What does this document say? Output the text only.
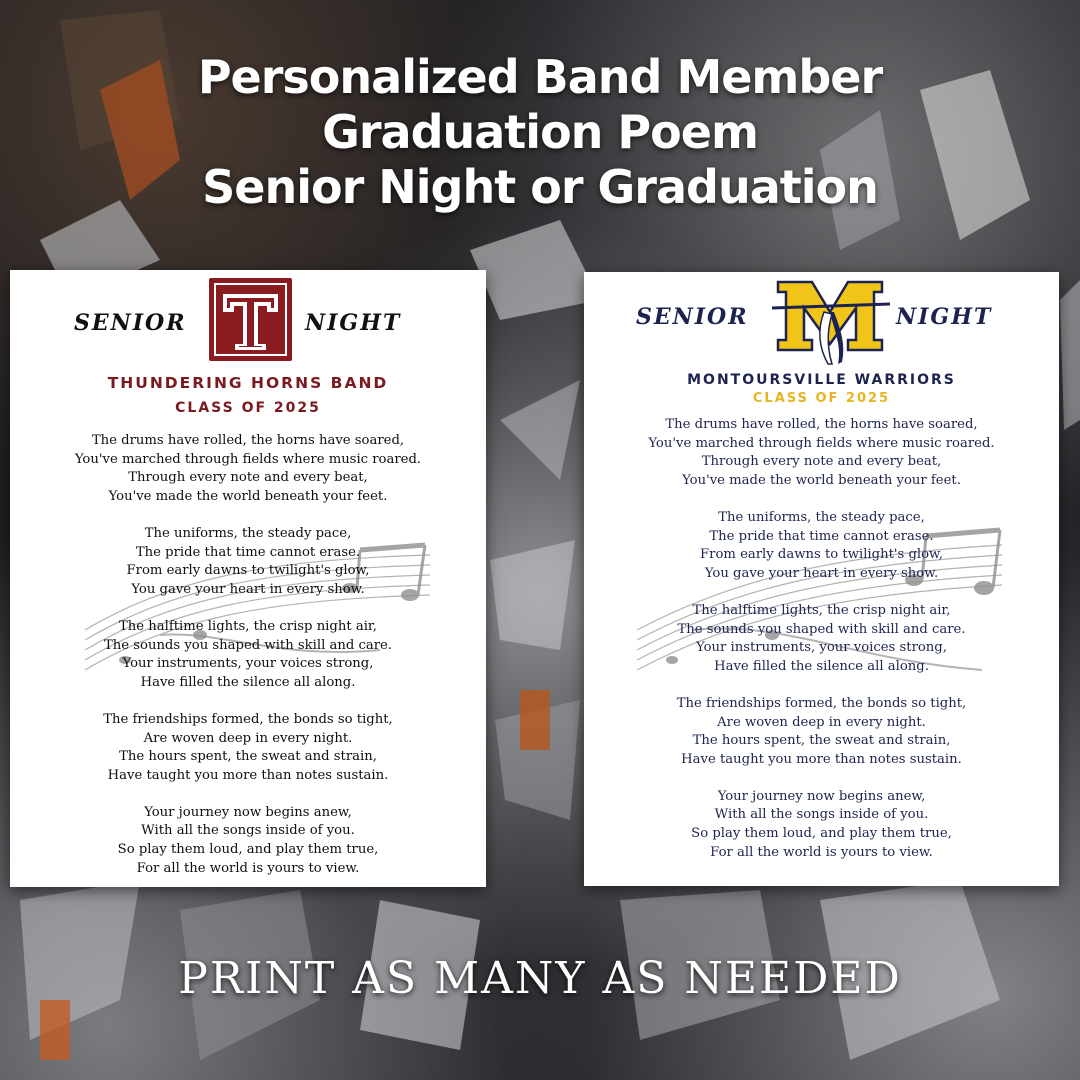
Personalized Band Member
Graduation Poem
Senior Night or Graduation
SENIOR	NIGHT
THUNDERING HORNS BAND
CLASS OF 2025
The drums have rolled, the horns have soared,
You've marched through fields where music roared.
Through every note and every beat,
You've made the world beneath your feet.
The uniforms, the steady pace,
The pride that time cannot erase.
From early dawns to twilight's glow,
You gave your heart in every show.
The halftime lights, the crisp night air,
The sounds you shaped with skill and care.
Your instruments, your voices strong,
Have filled the silence all along.
The friendships formed, the bonds so tight,
Are woven deep in every night.
The hours spent, the sweat and strain,
Have taught you more than notes sustain.
Your journey now begins anew,
With all the songs inside of you.
So play them loud, and play them true,
For all the world is yours to view.
SENIOR	NIGHT
MONTOURSVILLE WARRIORS
CLASS OF 2025
The drums have rolled, the horns have soared,
You've marched through fields where music roared.
Through every note and every beat,
You've made the world beneath your feet.
The uniforms, the steady pace,
The pride that time cannot erase.
From early dawns to twilight's glow,
You gave your heart in every show.
The halftime lights, the crisp night air,
The sounds you shaped with skill and care.
Your instruments, your voices strong,
Have filled the silence all along.
The friendships formed, the bonds so tight,
Are woven deep in every night.
The hours spent, the sweat and strain,
Have taught you more than notes sustain.
Your journey now begins anew,
With all the songs inside of you.
So play them loud, and play them true,
For all the world is yours to view.
PRINT AS MANY AS NEEDED
